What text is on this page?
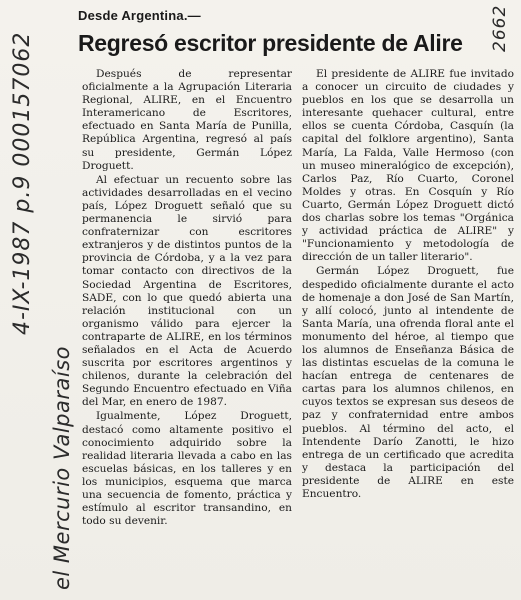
Desde Argentina.—
Regresó escritor presidente de Alire

Después de representar oficialmente a la Agrupación Literaria Regional, ALIRE, en el Encuentro Interamericano de Escritores, efectuado en Santa María de Punilla, República Argentina, regresó al país su presidente, Germán López Droguett.

Al efectuar un recuento sobre las actividades desarrolladas en el vecino país, López Droguett señaló que su permanencia le sirvió para confraternizar con escritores extranjeros y de distintos puntos de la provincia de Córdoba, y a la vez para tomar contacto con directivos de la Sociedad Argentina de Escritores, SADE, con lo que quedó abierta una relación institucional con un organismo válido para ejercer la contraparte de ALIRE, en los términos señalados en el Acta de Acuerdo suscrita por escritores argentinos y chilenos, durante la celebración del Segundo Encuentro efectuado en Viña del Mar, en enero de 1987.

Igualmente, López Droguett, destacó como altamente positivo el conocimiento adquirido sobre la realidad literaria llevada a cabo en las escuelas básicas, en los talleres y en los municipios, esquema que marca una secuencia de fomento, práctica y estímulo al escritor transandino, en todo su devenir.

El presidente de ALIRE fue invitado a conocer un circuito de ciudades y pueblos en los que se desarrolla un interesante quehacer cultural, entre ellos se cuenta Córdoba, Casquín (la capital del folklore argentino), Santa María, La Falda, Valle Hermoso (con un museo mineralógico de excepción), Carlos Paz, Río Cuarto, Coronel Moldes y otras. En Cosquín y Río Cuarto, Germán López Droguett dictó dos charlas sobre los temas "Orgánica y actividad práctica de ALIRE" y "Funcionamiento y metodología de dirección de un taller literario".

Germán López Droguett, fue despedido oficialmente durante el acto de homenaje a don José de San Martín, y allí colocó, junto al intendente de Santa María, una ofrenda floral ante el monumento del héroe, al tiempo que los alumnos de Enseñanza Básica de las distintas escuelas de la comuna le hacían entrega de centenares de cartas para los alumnos chilenos, en cuyos textos se expresan sus deseos de paz y confraternidad entre ambos pueblos. Al término del acto, el Intendente Darío Zanotti, le hizo entrega de un certificado que acredita y destaca la participación del presidente de ALIRE en este Encuentro.

4-IX-1987 p.9 000157062
el Mercurio Valparaíso
2662
